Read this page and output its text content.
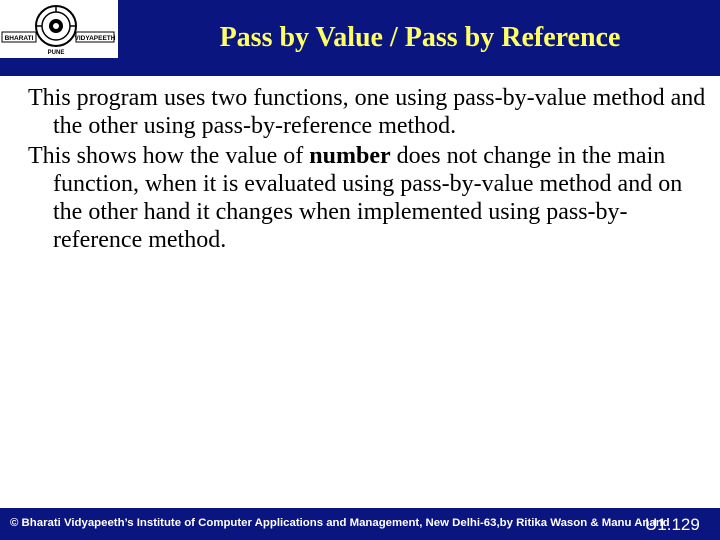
BHARATI	VIDYAPEETH
PUNE	Pass by Value / Pass by Reference

This program uses two functions, one using pass-by-value method and the other using pass-by-reference method.

This shows how the value of number does not change in the main function, when it is evaluated using pass-by-value method and on the other hand it changes when implemented using pass-by-reference method.

© Bharati Vidyapeeth’s Institute of Computer Applications and Management, New Delhi-63,by Ritika Wason & Manu Anand
U1.129
